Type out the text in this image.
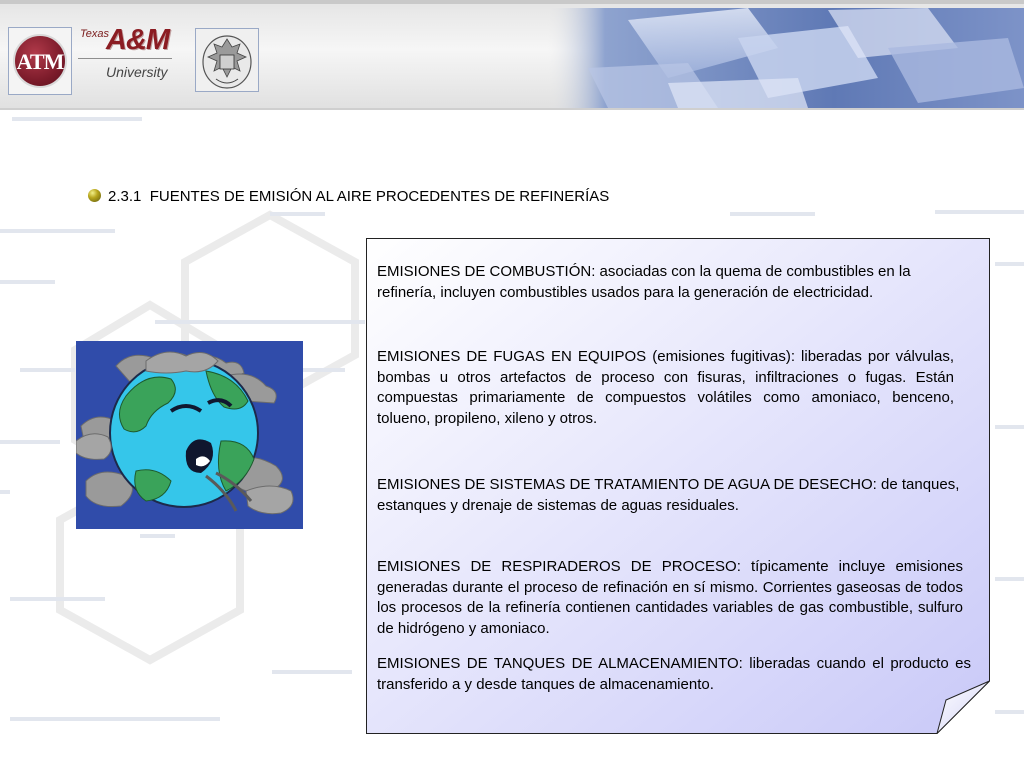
ATM
Texas
A&M
University
2.3.1 FUENTES DE EMISIÓN AL AIRE PROCEDENTES DE REFINERÍAS
EMISIONES DE COMBUSTIÓN: asociadas con la quema de combustibles en la refinería, incluyen combustibles usados para la generación de electricidad.
EMISIONES DE FUGAS EN EQUIPOS (emisiones fugitivas): liberadas por válvulas, bombas u otros artefactos de proceso con fisuras, infiltraciones o fugas. Están compuestas primariamente de compuestos volátiles como amoniaco, benceno, tolueno, propileno, xileno y otros.
EMISIONES DE SISTEMAS DE TRATAMIENTO DE AGUA DE DESECHO: de tanques, estanques y drenaje de sistemas de aguas residuales.
EMISIONES DE RESPIRADEROS DE PROCESO: típicamente incluye emisiones generadas durante el proceso de refinación en sí mismo. Corrientes gaseosas de todos los procesos de la refinería contienen cantidades variables de gas combustible, sulfuro de hidrógeno y amoniaco.
EMISIONES DE TANQUES DE ALMACENAMIENTO: liberadas cuando el producto es transferido a y desde tanques de almacenamiento.
